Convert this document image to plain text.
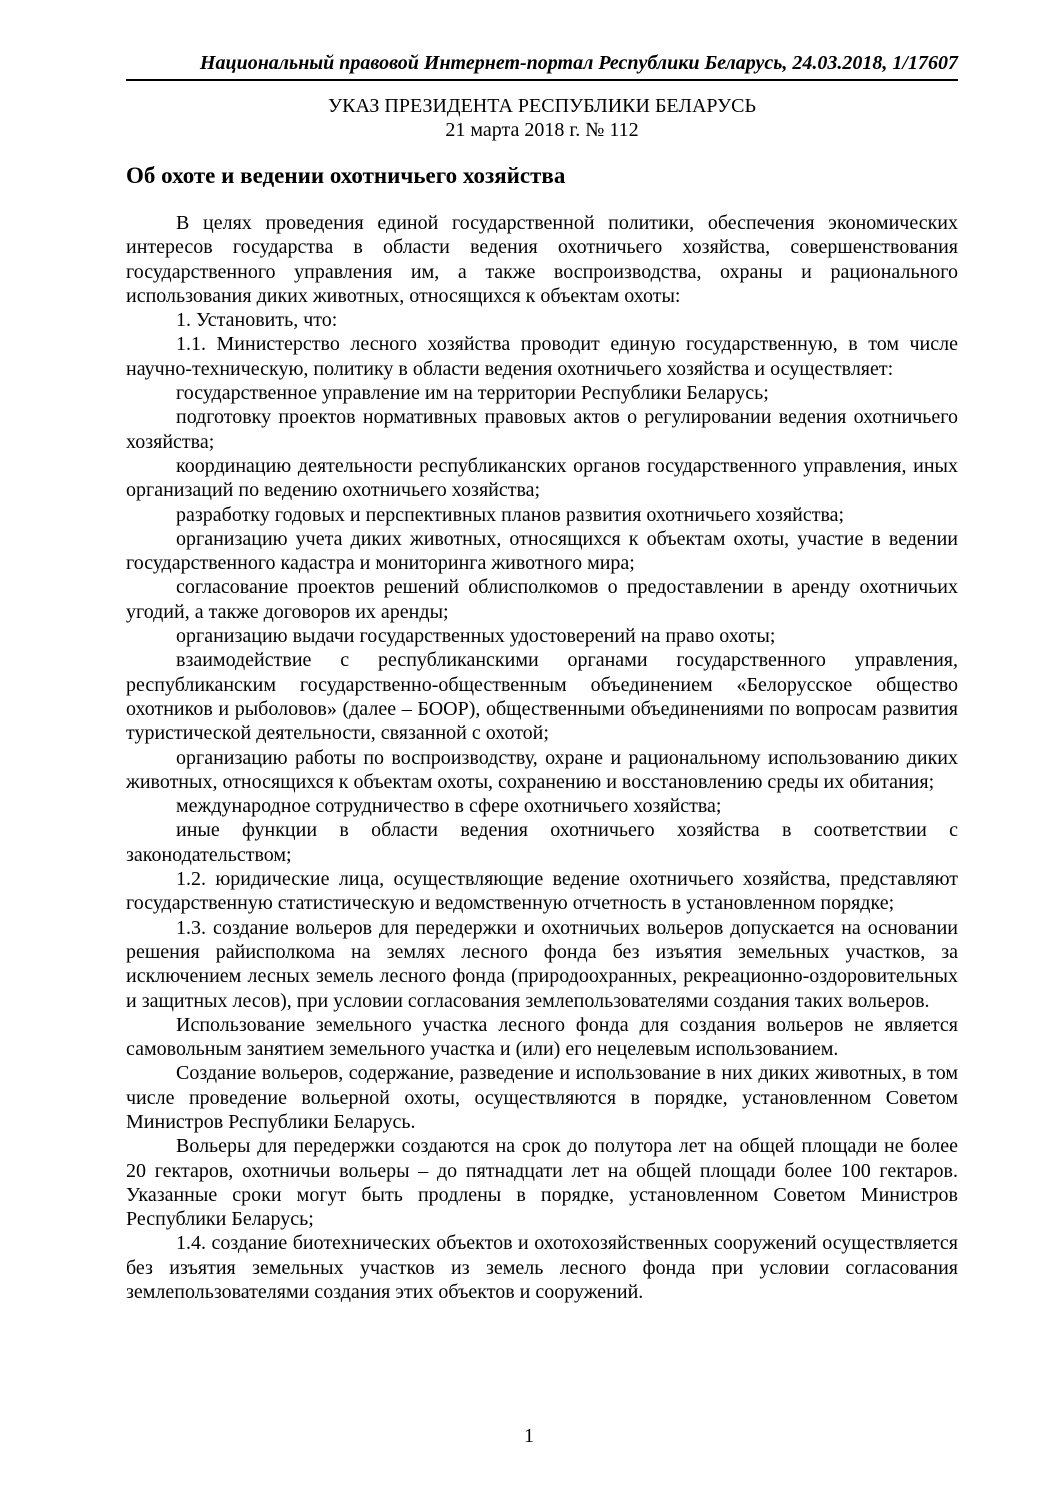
Национальный правовой Интернет-портал Республики Беларусь, 24.03.2018, 1/17607
УКАЗ ПРЕЗИДЕНТА РЕСПУБЛИКИ БЕЛАРУСЬ
21 марта 2018 г. № 112
Об охоте и ведении охотничьего хозяйства

В целях проведения единой государственной политики, обеспечения экономических интересов государства в области ведения охотничьего хозяйства, совершенствования государственного управления им, а также воспроизводства, охраны и рационального использования диких животных, относящихся к объектам охоты:

1. Установить, что:

1.1. Министерство лесного хозяйства проводит единую государственную, в том числе научно-техническую, политику в области ведения охотничьего хозяйства и осуществляет:

государственное управление им на территории Республики Беларусь;

подготовку проектов нормативных правовых актов о регулировании ведения охотничьего хозяйства;

координацию деятельности республиканских органов государственного управления, иных организаций по ведению охотничьего хозяйства;

разработку годовых и перспективных планов развития охотничьего хозяйства;

организацию учета диких животных, относящихся к объектам охоты, участие в ведении государственного кадастра и мониторинга животного мира;

согласование проектов решений облисполкомов о предоставлении в аренду охотничьих угодий, а также договоров их аренды;

организацию выдачи государственных удостоверений на право охоты;

взаимодействие с республиканскими органами государственного управления, республиканским государственно-общественным объединением «Белорусское общество охотников и рыболовов» (далее – БООР), общественными объединениями по вопросам развития туристической деятельности, связанной с охотой;

организацию работы по воспроизводству, охране и рациональному использованию диких животных, относящихся к объектам охоты, сохранению и восстановлению среды их обитания;

международное сотрудничество в сфере охотничьего хозяйства;

иные функции в области ведения охотничьего хозяйства в соответствии с законодательством;

1.2. юридические лица, осуществляющие ведение охотничьего хозяйства, представляют государственную статистическую и ведомственную отчетность в установленном порядке;

1.3. создание вольеров для передержки и охотничьих вольеров допускается на основании решения райисполкома на землях лесного фонда без изъятия земельных участков, за исключением лесных земель лесного фонда (природоохранных, рекреационно-оздоровительных и защитных лесов), при условии согласования землепользователями создания таких вольеров.

Использование земельного участка лесного фонда для создания вольеров не является самовольным занятием земельного участка и (или) его нецелевым использованием.

Создание вольеров, содержание, разведение и использование в них диких животных, в том числе проведение вольерной охоты, осуществляются в порядке, установленном Советом Министров Республики Беларусь.

Вольеры для передержки создаются на срок до полутора лет на общей площади не более 20 гектаров, охотничьи вольеры – до пятнадцати лет на общей площади более 100 гектаров. Указанные сроки могут быть продлены в порядке, установленном Советом Министров Республики Беларусь;

1.4. создание биотехнических объектов и охотохозяйственных сооружений осуществляется без изъятия земельных участков из земель лесного фонда при условии согласования землепользователями создания этих объектов и сооружений.

1
